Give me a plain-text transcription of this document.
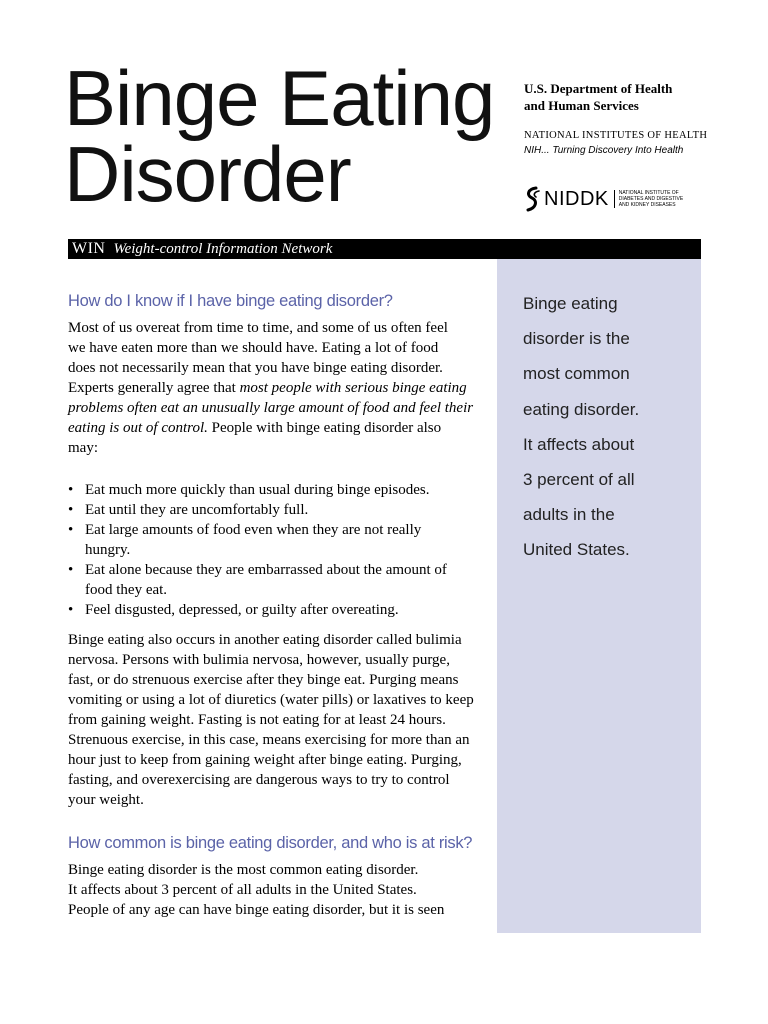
Binge Eating
Disorder
U.S. Department of Health
and Human Services
NATIONAL INSTITUTES OF HEALTH
NIH... Turning Discovery Into Health
NIDDK NATIONAL INSTITUTE OF
DIABETES AND DIGESTIVE
AND KIDNEY DISEASES
WIN Weight-control Information Network

Binge eating
disorder is the
most common
eating disorder.
It affects about
3 percent of all
adults in the
United States.

How do I know if I have binge eating disorder?

Most of us overeat from time to time, and some of us often feel
we have eaten more than we should have. Eating a lot of food
does not necessarily mean that you have binge eating disorder.
Experts generally agree that most people with serious binge eating
problems often eat an unusually large amount of food and feel their
eating is out of control. People with binge eating disorder also
may:

• Eat much more quickly than usual during binge episodes.
• Eat until they are uncomfortably full.
• Eat large amounts of food even when they are not really
hungry.
• Eat alone because they are embarrassed about the amount of
food they eat.
• Feel disgusted, depressed, or guilty after overeating.

Binge eating also occurs in another eating disorder called bulimia
nervosa. Persons with bulimia nervosa, however, usually purge,
fast, or do strenuous exercise after they binge eat. Purging means
vomiting or using a lot of diuretics (water pills) or laxatives to keep
from gaining weight. Fasting is not eating for at least 24 hours.
Strenuous exercise, in this case, means exercising for more than an
hour just to keep from gaining weight after binge eating. Purging,
fasting, and overexercising are dangerous ways to try to control
your weight.

How common is binge eating disorder, and who is at risk?

Binge eating disorder is the most common eating disorder.
It affects about 3 percent of all adults in the United States.
People of any age can have binge eating disorder, but it is seen
